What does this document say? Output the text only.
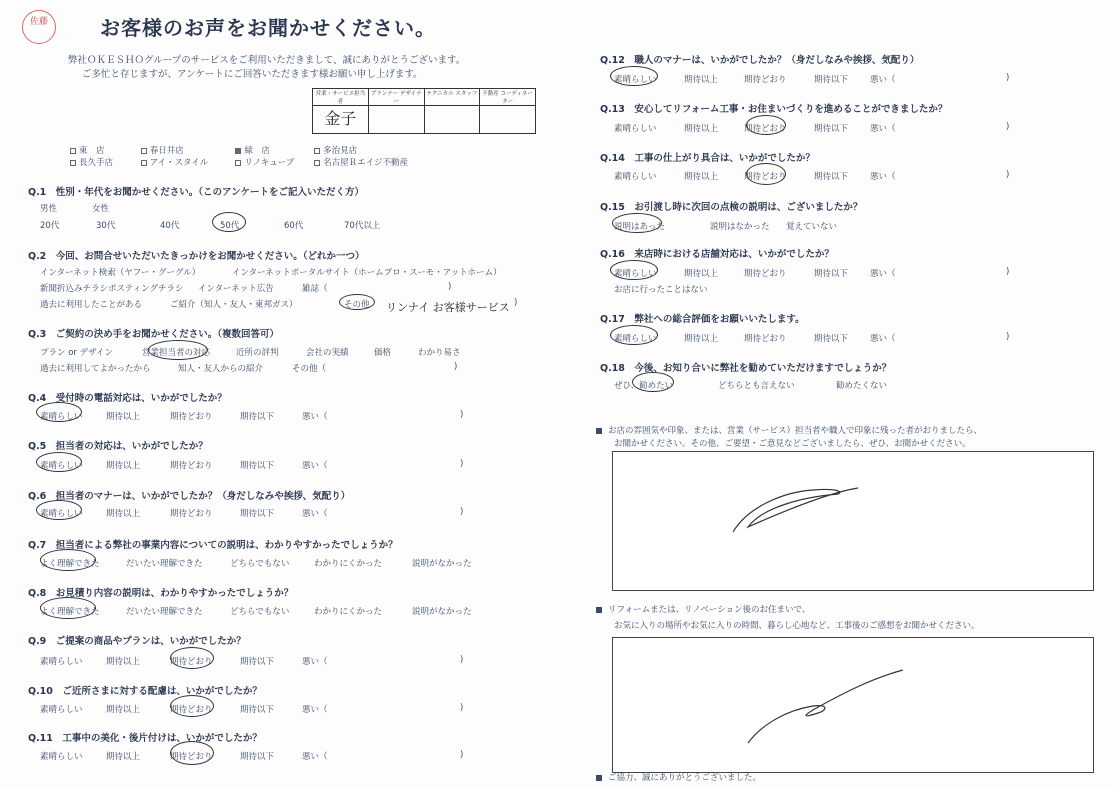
佐藤	お客様のお声をお聞かせください。
弊社ＯＫＥＳＨＯグループのサービスをご利用いただきまして、誠にありがとうございます。
ご多忙と存じますが、アンケートにご回答いただきます様お願い申し上げます。
営業・サービス担当者	プランナー デザイナー	テクニカル スタッフ	不動産 コーディネーター
金子			
東　店	春日井店	緑　店	多治見店
長久手店	アイ・スタイル	リノキューブ	名古屋Ｒエイジ不動産
Q.1　性別・年代をお聞かせください。（このアンケートをご記入いただく方）
男性	女性
20代	30代	40代	50代	60代	70代以上
Q.2　今回、お問合せいただいたきっかけをお聞かせください。（どれか一つ）
インターネット検索（ヤフー・グーグル）	インターネットポータルサイト（ホームプロ・スーモ・アットホーム）
新聞折込みチラシ ポスティングチラシ	インターネット広告	雑誌（	)
過去に利用したことがある	ご紹介（知人・友人・東邦ガス）	その他	)
リンナイ お客様サービス
Q.3　ご契約の決め手をお聞かせください。（複数回答可）
プラン or デザイン	営業担当者の対応	近所の評判	会社の実績	価格	わかり易さ
過去に利用してよかったから	知人・友人からの紹介	その他（	)
Q.4　受付時の電話対応は、いかがでしたか？
素晴らしい	期待以上	期待どおり	期待以下	悪い（	)
Q.5　担当者の対応は、いかがでしたか？
素晴らしい	期待以上	期待どおり	期待以下	悪い（	)
Q.6　担当者のマナーは、いかがでしたか？（身だしなみや挨拶、気配り）
素晴らしい	期待以上	期待どおり	期待以下	悪い（	)
Q.7　担当者による弊社の事業内容についての説明は、わかりやすかったでしょうか？
よく理解できた	だいたい理解できた	どちらでもない	わかりにくかった	説明がなかった
Q.8　お見積り内容の説明は、わかりやすかったでしょうか？
よく理解できた	だいたい理解できた	どちらでもない	わかりにくかった	説明がなかった
Q.9　ご提案の商品やプランは、いかがでしたか？
素晴らしい	期待以上	期待どおり	期待以下	悪い（	)
Q.10　ご近所さまに対する配慮は、いかがでしたか？
素晴らしい	期待以上	期待どおり	期待以下	悪い（	)
Q.11　工事中の美化・後片付けは、いかがでしたか？
素晴らしい	期待以上	期待どおり	期待以下	悪い（	)
Q.12　職人のマナーは、いかがでしたか？（身だしなみや挨拶、気配り）
素晴らしい	期待以上	期待どおり	期待以下	悪い（	)
Q.13　安心してリフォーム工事・お住まいづくりを進めることができましたか？
素晴らしい	期待以上	期待どおり	期待以下	悪い（	)
Q.14　工事の仕上がり具合は、いかがでしたか？
素晴らしい	期待以上	期待どおり	期待以下	悪い（	)
Q.15　お引渡し時に次回の点検の説明は、ございましたか？
説明はあった	説明はなかった	覚えていない
Q.16　来店時における店舗対応は、いかがでしたか？
素晴らしい	期待以上	期待どおり	期待以下	悪い（	)
お店に行ったことはない
Q.17　弊社への総合評価をお願いいたします。
素晴らしい	期待以上	期待どおり	期待以下	悪い（	)
Q.18　今後、お知り合いに弊社を勧めていただけますでしょうか？
ぜひ、勧めたい	どちらとも言えない	勧めたくない
お店の雰囲気や印象、または、営業（サービス）担当者や職人で印象に残った者がおりましたら、
お聞かせください。その他、ご要望・ご意見などございましたら、ぜひ、お聞かせください。
リフォームまたは、リノベーション後のお住まいで、
お気に入りの場所やお気に入りの時間、暮らし心地など、工事後のご感想をお聞かせください。
ご協力、誠にありがとうございました。
